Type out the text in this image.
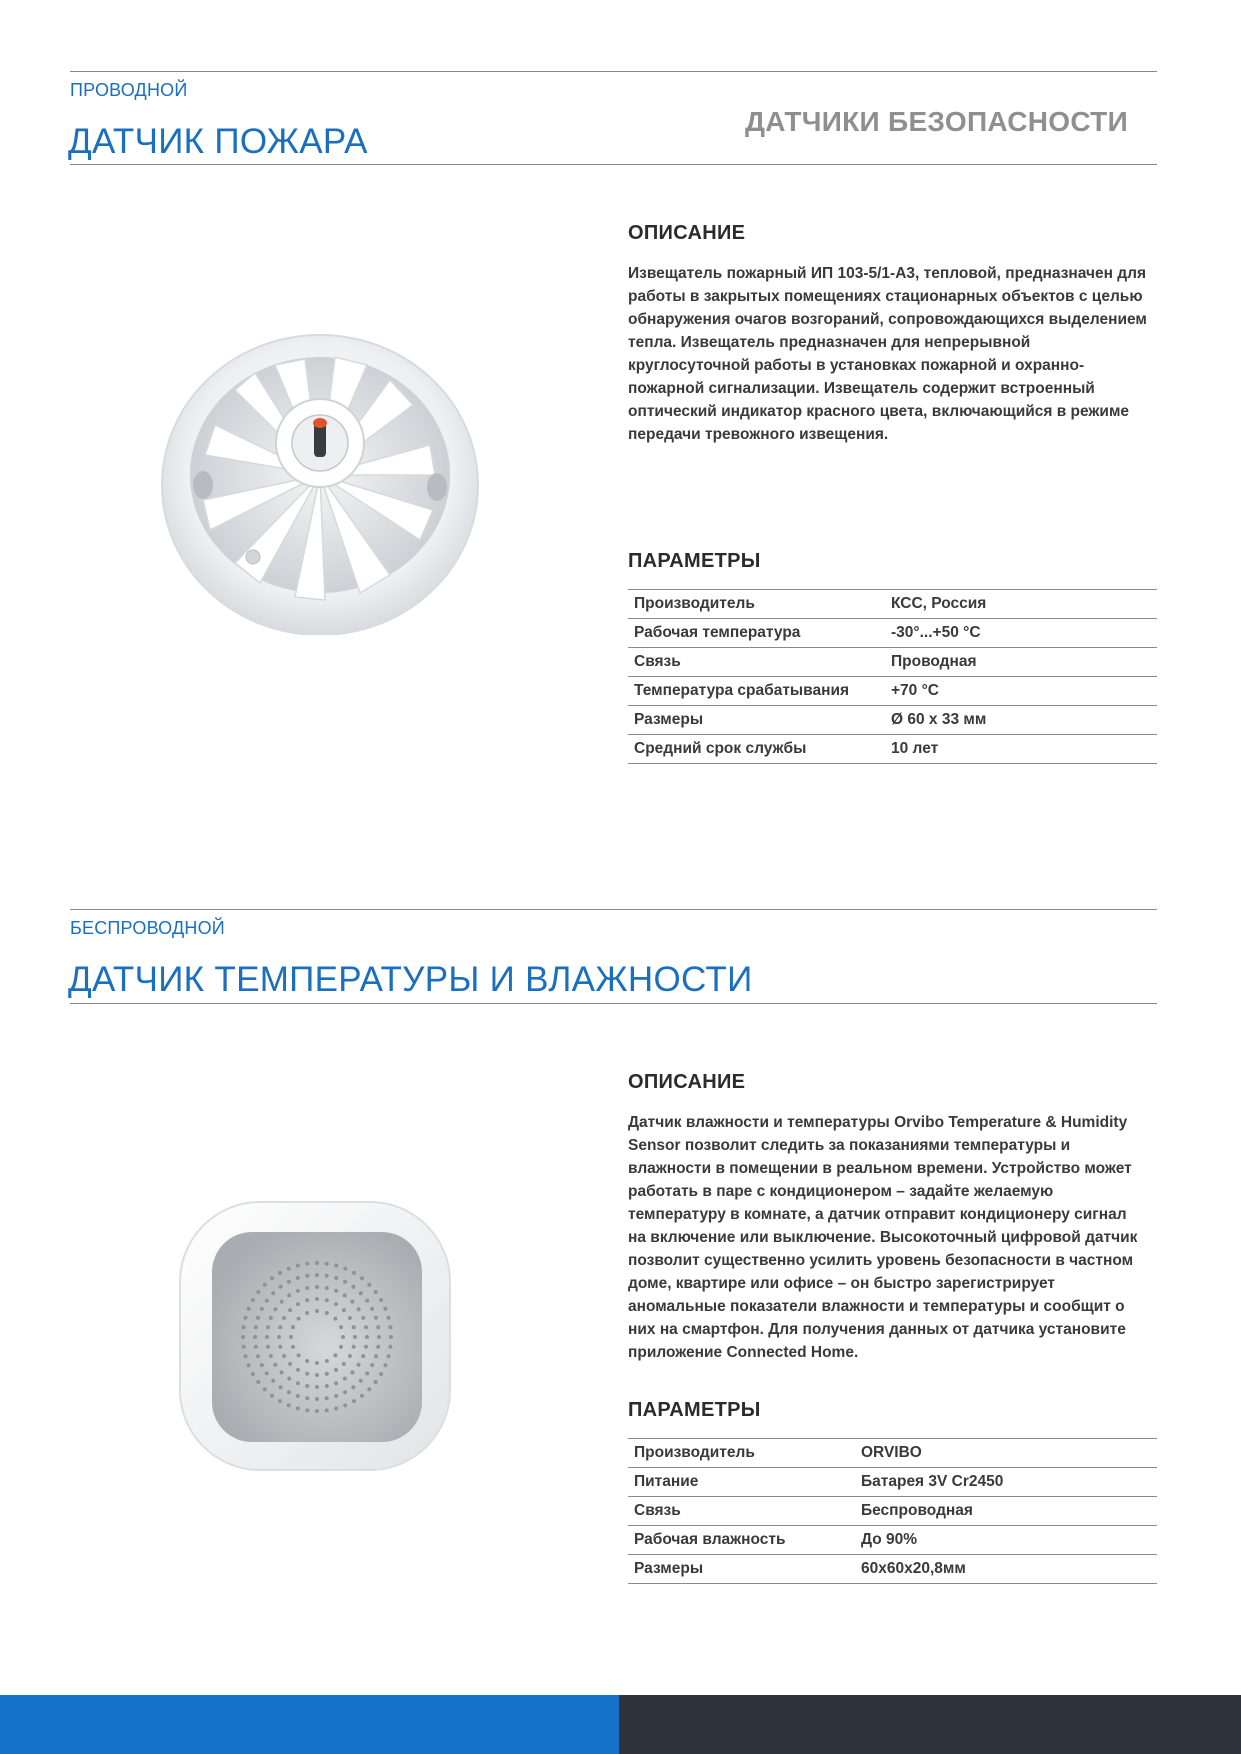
ПРОВОДНОЙ
ДАТЧИК ПОЖАРА
ДАТЧИКИ БЕЗОПАСНОСТИ
ОПИСАНИЕ

Извещатель пожарный ИП 103-5/1-А3, тепловой, предназначен для работы в закрытых помещениях стационарных объектов с целью обнаружения очагов возгораний, сопровождающихся выделением тепла. Извещатель предназначен для непрерывной круглосуточной работы в установках пожарной и охранно-пожарной сигнализации. Извещатель содержит встроенный оптический индикатор красного цвета, включающийся в режиме передачи тревожного извещения.

ПАРАМЕТРЫ
Производитель	КСС, Россия
Рабочая температура	-30°...+50 °С
Связь	Проводная
Температура срабатывания	+70 °С
Размеры	Ø 60 х 33 мм
Средний срок службы	10 лет
БЕСПРОВОДНОЙ
ДАТЧИК ТЕМПЕРАТУРЫ И ВЛАЖНОСТИ
ОПИСАНИЕ

Датчик влажности и температуры Orvibo Temperature & Humidity Sensor позволит следить за показаниями температуры и влажности в помещении в реальном времени. Устройство может работать в паре с кондиционером – задайте желаемую температуру в комнате, а датчик отправит кондиционеру сигнал на включение или выключение. Высокоточный цифровой датчик позволит существенно усилить уровень безопасности в частном доме, квартире или офисе – он быстро зарегистрирует аномальные показатели влажности и температуры и сообщит о них на смартфон. Для получения данных от датчика установите приложение Connected Home.

ПАРАМЕТРЫ
Производитель	ORVIBO
Питание	Батарея 3V Cr2450
Связь	Беспроводная
Рабочая влажность	До 90%
Размеры	60х60х20,8мм
